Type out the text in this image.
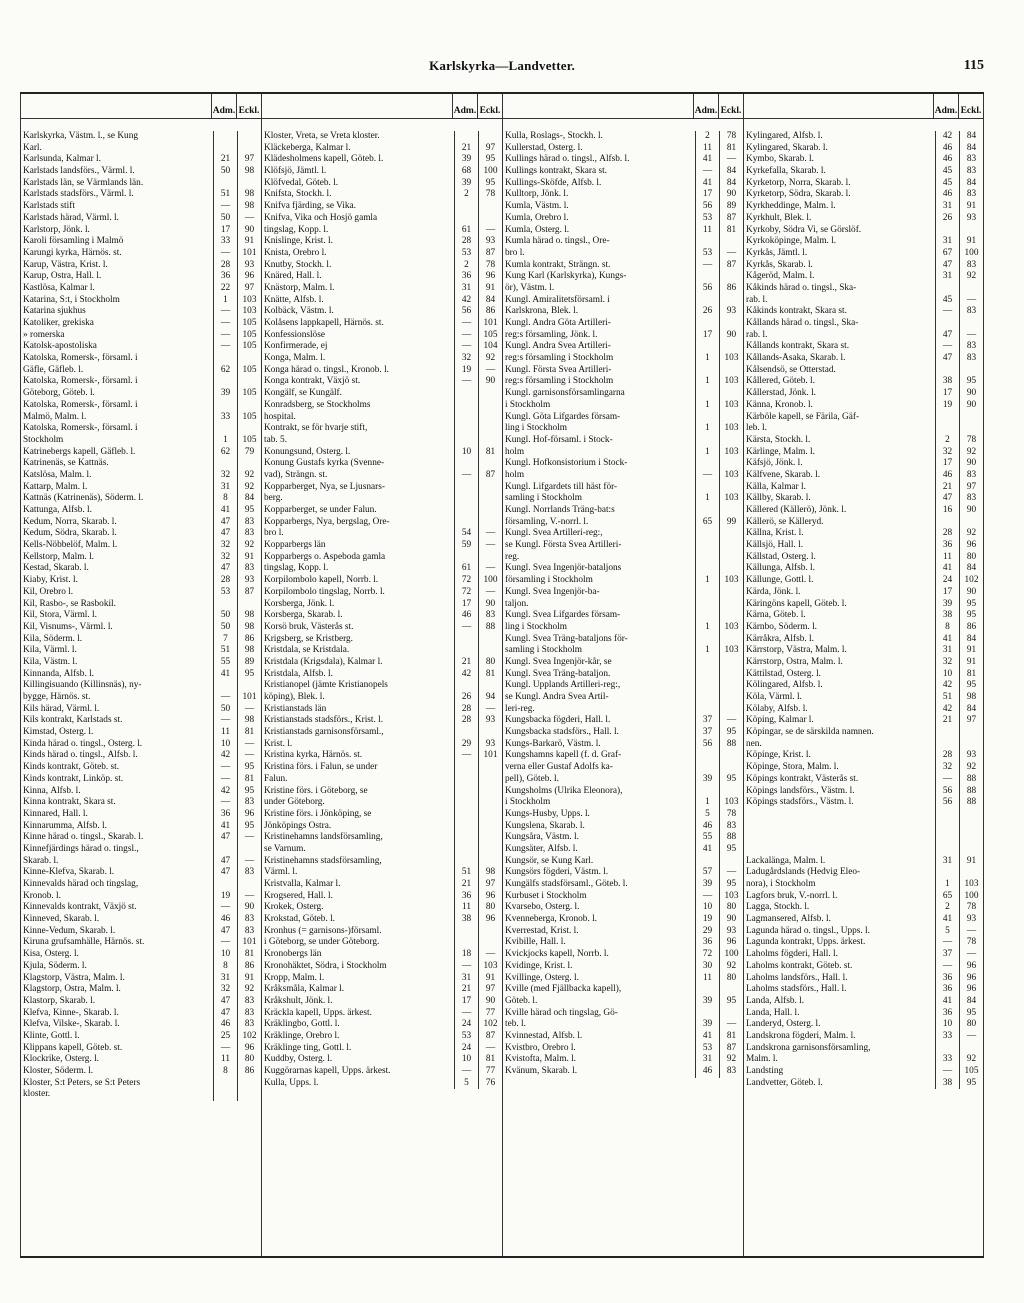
Karlskyrka—Landvetter.	115
Adm. Eckl.
Karlskyrka, Västm. l., se Kung
Karl.
Karlsunda, Kalmar l.	21	97
Karlstads landsförs., Värml. l.	50	98
Karlstads län, se Värmlands län.
Karlstads stadsförs., Värml. l.	51	98
Karlstads stift	—	98
Karlstads härad, Värml. l.	50	—
Karlstorp, Jönk. l.	17	90
Karoli församling i Malmö	33	91
Karungi kyrka, Härnös. st.	—	101
Karup, Västra, Krist. l.	28	93
Karup, Östra, Hall. l.	36	96
Kastlösa, Kalmar l.	22	97
Katarina, S:t, i Stockholm	1	103
Katarina sjukhus	—	103
Katoliker, grekiska	—	105
» romerska	—	105
Katolsk-apostoliska	—	105
Katolska, Romersk-, församl. i
Gäfle, Gäfleb. l.	62	105
Katolska, Romersk-, församl. i
Göteborg, Göteb. l.	39	105
Katolska, Romersk-, församl. i
Malmö, Malm. l.	33	105
Katolska, Romersk-, församl. i
Stockholm	1	105
Katrinebergs kapell, Gäfleb. l.	62	79
Katrinenäs, se Kattnäs.
Katslösa, Malm. l.	32	92
Kattarp, Malm. l.	31	92
Kattnäs (Katrinenäs), Söderm. l.	8	84
Kattunga, Älfsb. l.	41	95
Kedum, Norra, Skarab. l.	47	83
Kedum, Södra, Skarab. l.	47	83
Kells-Nöbbelöf, Malm. l.	32	92
Kellstorp, Malm. l.	32	91
Kestad, Skarab. l.	47	83
Kiaby, Krist. l.	28	93
Kil, Örebro l.	53	87
Kil, Rasbo-, se Rasbokil.
Kil, Stora, Värml. l.	50	98
Kil, Visnums-, Värml. l.	50	98
Kila, Söderm. l.	7	86
Kila, Värml. l.	51	98
Kila, Västm. l.	55	89
Kinnanda, Älfsb. l.	41	95
Killingisuando (Killinsnäs), ny-
bygge, Härnös. st.	—	101
Kils härad, Värml. l.	50	—
Kils kontrakt, Karlstads st.	—	98
Kimstad, Österg. l.	11	81
Kinda härad o. tingsl., Österg. l.	10	—
Kinds härad o. tingsl., Älfsb. l.	42	—
Kinds kontrakt, Göteb. st.	—	95
Kinds kontrakt, Linköp. st.	—	81
Kinna, Älfsb. l.	42	95
Kinna kontrakt, Skara st.	—	83
Kinnared, Hall. l.	36	96
Kinnarumma, Älfsb. l.	41	95
Kinne härad o. tingsl., Skarab. l.	47	—
Kinnefjärdings härad o. tingsl.,
Skarab. l.	47	—
Kinne-Klefva, Skarab. l.	47	83
Kinnevalds härad och tingslag,
Kronob. l.	19	—
Kinnevalds kontrakt, Växjö st.	—	90
Kinneved, Skarab. l.	46	83
Kinne-Vedum, Skarab. l.	47	83
Kiruna grufsamhälle, Härnös. st.	—	101
Kisa, Österg. l.	10	81
Kjula, Söderm. l.	8	86
Klagstorp, Västra, Malm. l.	31	91
Klagstorp, Östra, Malm. l.	32	92
Klastorp, Skarab. l.	47	83
Klefva, Kinne-, Skarab. l.	47	83
Klefva, Vilske-, Skarab. l.	46	83
Klinte, Gottl. l.	25	102
Klippans kapell, Göteb. st.	—	96
Klockrike, Österg. l.	11	80
Kloster, Söderm. l.	8	86
Kloster, S:t Peters, se S:t Peters
kloster.
Adm. Eckl.
Kloster, Vreta, se Vreta kloster.
Kläckeberga, Kalmar l.	21	97
Klädesholmens kapell, Göteb. l.	39	95
Klöfsjö, Jämtl. l.	68	100
Klöfvedal, Göteb. l.	39	95
Knifsta, Stockh. l.	2	78
Knifva fjärding, se Vika.
Knifva, Vika och Hosjö gamla
tingslag, Kopp. l.	61	—
Knislinge, Krist. l.	28	93
Knista, Örebro l.	53	87
Knutby, Stockh. l.	2	78
Knäred, Hall. l.	36	96
Knästorp, Malm. l.	31	91
Knätte, Älfsb. l.	42	84
Kolbäck, Västm. l.	56	86
Kolåsens lappkapell, Härnös. st.	—	101
Konfessionslöse	—	105
Konfirmerade, ej	—	104
Konga, Malm. l.	32	92
Konga härad o. tingsl., Kronob. l.	19	—
Konga kontrakt, Växjö st.	—	90
Kongälf, se Kungälf.
Konradsberg, se Stockholms
hospital.
Kontrakt, se för hvarje stift,
tab. 5.
Konungsund, Österg. l.	10	81
Konung Gustafs kyrka (Svenne-
vad), Strängn. st.	—	87
Kopparberget, Nya, se Ljusnars-
berg.
Kopparberget, se under Falun.
Kopparbergs, Nya, bergslag, Öre-
bro l.	54	—
Kopparbergs län	59	—
Kopparbergs o. Aspeboda gamla
tingslag, Kopp. l.	61	—
Korpilombolo kapell, Norrb. l.	72	100
Korpilombolo tingslag, Norrb. l.	72	—
Korsberga, Jönk. l.	17	90
Korsberga, Skarab. l.	46	83
Korsö bruk, Västerås st.	—	88
Krigsberg, se Kristberg.
Kristdala, se Kristdala.
Kristdala (Krigsdala), Kalmar l.	21	80
Kristdala, Älfsb. l.	42	81
Kristianopel (jämte Kristianopels
köping), Blek. l.	26	94
Kristianstads län	28	—
Kristianstads stadsförs., Krist. l.	28	93
Kristianstads garnisonsförsaml.,
Krist. l.	29	93
Kristina kyrka, Härnös. st.	—	101
Kristina förs. i Falun, se under
Falun.
Kristine förs. i Göteborg, se
under Göteborg.
Kristine förs. i Jönköping, se
Jönköpings Östra.
Kristinehamns landsförsamling,
se Varnum.
Kristinehamns stadsförsamling,
Värml. l.	51	98
Kristvalla, Kalmar l.	21	97
Krogsered, Hall. l.	36	96
Krokek, Österg.	11	80
Krokstad, Göteb. l.	38	96
Kronhus (= garnisons-)församl.
i Göteborg, se under Göteborg.
Kronobergs län	18	—
Kronohäktet, Södra, i Stockholm	—	103
Kropp, Malm. l.	31	91
Kråksmåla, Kalmar l.	21	97
Kråkshult, Jönk. l.	17	90
Kräckla kapell, Upps. ärkest.	—	77
Kräklingbo, Gottl. l.	24	102
Kräklinge, Örebro l.	53	87
Kräklinge ting, Gottl. l.	24	—
Kuddby, Österg. l.	10	81
Kuggörarnas kapell, Upps. ärkest.	—	77
Kulla, Upps. l.	5	76
Adm. Eckl.
Kulla, Roslags-, Stockh. l.	2	78
Kullerstad, Österg. l.	11	81
Kullings härad o. tingsl., Älfsb. l.	41	—
Kullings kontrakt, Skara st.	—	84
Kullings-Sköfde, Älfsb. l.	41	84
Kulltorp, Jönk. l.	17	90
Kumla, Västm. l.	56	89
Kumla, Örebro l.	53	87
Kumla, Österg. l.	11	81
Kumla härad o. tingsl., Öre-
bro l.	53	—
Kumla kontrakt, Strängn. st.	—	87
Kung Karl (Karlskyrka), Kungs-
ör), Västm. l.	56	86
Kungl. Amiralitetsförsaml. i
Karlskrona, Blek. l.	26	93
Kungl. Andra Göta Artilleri-
reg:s församling, Jönk. l.	17	90
Kungl. Andra Svea Artilleri-
reg:s församling i Stockholm	1	103
Kungl. Första Svea Artilleri-
reg:s församling i Stockholm	1	103
Kungl. garnisonsförsamlingarna
i Stockholm	1	103
Kungl. Göta Lifgardes försam-
ling i Stockholm	1	103
Kungl. Hof-församl. i Stock-
holm	1	103
Kungl. Hofkonsistorium i Stock-
holm	—	103
Kungl. Lifgardets till häst för-
samling i Stockholm	1	103
Kungl. Norrlands Träng-bat:s
församling, V.-norrl. l.	65	99
Kungl. Svea Artilleri-reg:,
se Kungl. Första Svea Artilleri-
reg.
Kungl. Svea Ingenjör-bataljons
församling i Stockholm	1	103
Kungl. Svea Ingenjör-ba-
taljon.
Kungl. Svea Lifgardes försam-
ling i Stockholm	1	103
Kungl. Svea Träng-bataljons för-
samling i Stockholm	1	103
Kungl. Svea Ingenjör-kår, se
Kungl. Svea Träng-bataljon.
Kungl. Upplands Artilleri-reg:,
se Kungl. Andra Svea Artil-
leri-reg.
Kungsbacka fögderi, Hall. l.	37	—
Kungsbacka stadsförs., Hall. l.	37	95
Kungs-Barkarö, Västm. l.	56	88
Kungshamns kapell (f. d. Graf-
verna eller Gustaf Adolfs ka-
pell), Göteb. l.	39	95
Kungsholms (Ulrika Eleonora),
i Stockholm	1	103
Kungs-Husby, Upps. l.	5	78
Kungslena, Skarab. l.	46	83
Kungsåra, Västm. l.	55	88
Kungsäter, Älfsb. l.	41	95
Kungsör, se Kung Karl.
Kungsörs fögderi, Västm. l.	57	—
Kungälfs stadsförsaml., Göteb. l.	39	95
Kurbuset i Stockholm	—	103
Kvarsebo, Österg. l.	10	80
Kvenneberga, Kronob. l.	19	90
Kverrestad, Krist. l.	29	93
Kvibille, Hall. l.	36	96
Kvickjocks kapell, Norrb. l.	72	100
Kvidinge, Krist. l.	30	92
Kvillinge, Österg. l.	11	80
Kville (med Fjällbacka kapell),
Göteb. l.	39	95
Kville härad och tingslag, Gö-
teb. l.	39	—
Kvinnestad, Älfsb. l.	41	81
Kvistbro, Örebro l.	53	87
Kvistofta, Malm. l.	31	92
Kvänum, Skarab. l.	46	83
Adm. Eckl.
Kylingared, Älfsb. l.	42	84
Kylingared, Skarab. l.	46	84
Kymbo, Skarab. l.	46	83
Kyrkefalla, Skarab. l.	45	83
Kyrketorp, Norra, Skarab. l.	45	84
Kyrketorp, Södra, Skarab. l.	46	83
Kyrkheddinge, Malm. l.	31	91
Kyrkhult, Blek. l.	26	93
Kyrkoby, Södra Vi, se Görslöf.
Kyrkoköpinge, Malm. l.	31	91
Kyrkås, Jämtl. l.	67	100
Kyrkås, Skarab. l.	47	83
Kågeröd, Malm. l.	31	92
Kåkinds härad o. tingsl., Ska-
rab. l.	45	—
Kåkinds kontrakt, Skara st.	—	83
Kållands härad o. tingsl., Ska-
rab. l.	47	—
Kållands kontrakt, Skara st.	—	83
Kållands-Åsaka, Skarab. l.	47	83
Kålsendsö, se Otterstad.
Kållered, Göteb. l.	38	95
Kållerstad, Jönk. l.	17	90
Känna, Kronob. l.	19	90
Kärböle kapell, se Färila, Gäf-
leb. l.
Kärsta, Stockh. l.	2	78
Kärlinge, Malm. l.	32	92
Käfsjö, Jönk. l.	17	90
Kälfvene, Skarab. l.	46	83
Källa, Kalmar l.	21	97
Källby, Skarab. l.	47	83
Källered (Källerö), Jönk. l.	16	90
Källerö, se Källeryd.
Källna, Krist. l.	28	92
Källsjö, Hall. l.	36	96
Källstad, Österg. l.	11	80
Källunga, Älfsb. l.	41	84
Källunge, Gottl. l.	24	102
Kärda, Jönk. l.	17	90
Käringöns kapell, Göteb. l.	39	95
Kärna, Göteb. l.	38	95
Kärnbo, Söderm. l.	8	86
Kärråkra, Älfsb. l.	41	84
Kärrstorp, Västra, Malm. l.	31	91
Kärrstorp, Östra, Malm. l.	32	91
Kättilstad, Österg. l.	10	81
Kölingared, Älfsb. l.	42	95
Köla, Värml. l.	51	98
Kölaby, Älfsb. l.	42	84
Köping, Kalmar l.	21	97
Köpingar, se de särskilda namnen.
nen.
Köpinge, Krist. l.	28	93
Köpinge, Stora, Malm. l.	32	92
Köpings kontrakt, Västerås st.	—	88
Köpings landsförs., Västm. l.	56	88
Köpings stadsförs., Västm. l.	56	88
Lackalänga, Malm. l.	31	91
Ladugårdslands (Hedvig Eleo-
nora), i Stockholm	1	103
Lagfors bruk, V.-norrl. l.	65	100
Lagga, Stockh. l.	2	78
Lagmansered, Älfsb. l.	41	93
Lagunda härad o. tingsl., Upps. l.	5	—
Lagunda kontrakt, Upps. ärkest.	—	78
Laholms fögderi, Hall. l.	37	—
Laholms kontrakt, Göteb. st.	—	96
Laholms landsförs., Hall. l.	36	96
Laholms stadsförs., Hall. l.	36	96
Landa, Älfsb. l.	41	84
Landa, Hall. l.	36	95
Landeryd, Österg. l.	10	80
Landskrona fögderi, Malm. l.	33	—
Landskrona garnisonsförsamling,
Malm. l.	33	92
Landsting	—	105
Landvetter, Göteb. l.	38	95
